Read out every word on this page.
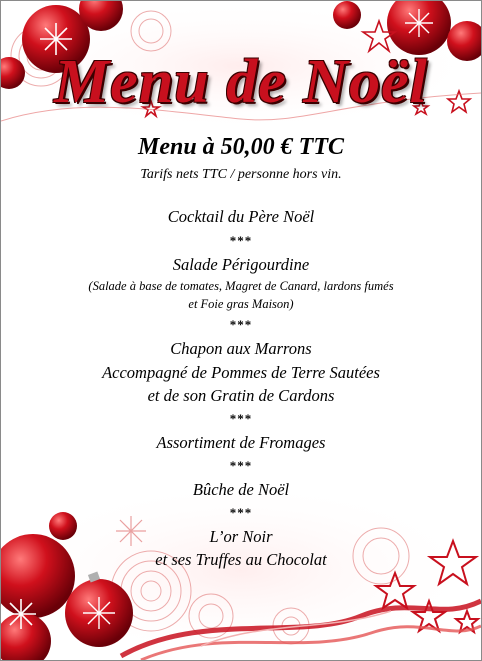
Menu de Noël
Menu à 50,00 € TTC
Tarifs nets TTC / personne hors vin.
Cocktail du Père Noël
***
Salade Périgourdine
(Salade à base de tomates, Magret de Canard, lardons fumés
et Foie gras Maison)
***
Chapon aux Marrons
Accompagné de Pommes de Terre Sautées
et de son Gratin de Cardons
***
Assortiment de Fromages
***
Bûche de Noël
***
L’or Noir
et ses Truffes au Chocolat
